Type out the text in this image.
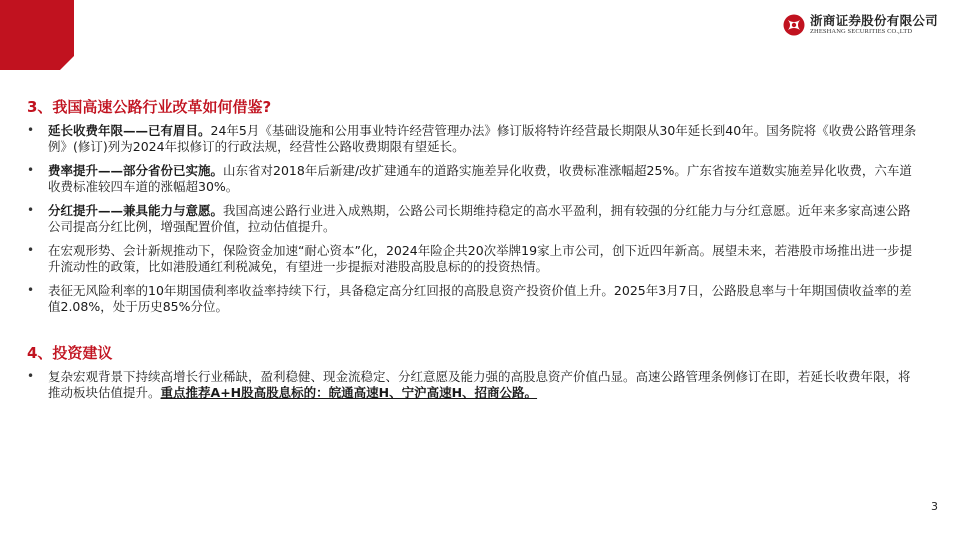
浙商证券股份有限公司
ZHESHANG SECURITIES CO.,LTD
3、我国高速公路行业改革如何借鉴?
• 延长收费年限——已有眉目。24年5月《基础设施和公用事业特许经营管理办法》修订版将特许经营最长期限从30年延长到40年。国务院将《收费公路管理条例》(修订)列为2024年拟修订的行政法规，经营性公路收费期限有望延长。
• 费率提升——部分省份已实施。山东省对2018年后新建/改扩建通车的道路实施差异化收费，收费标准涨幅超25%。广东省按车道数实施差异化收费，六车道收费标准较四车道的涨幅超30%。
• 分红提升——兼具能力与意愿。我国高速公路行业进入成熟期，公路公司长期维持稳定的高水平盈利，拥有较强的分红能力与分红意愿。近年来多家高速公路公司提高分红比例，增强配置价值，拉动估值提升。
• 在宏观形势、会计新规推动下，保险资金加速“耐心资本”化，2024年险企共20次举牌19家上市公司，创下近四年新高。展望未来，若港股市场推出进一步提升流动性的政策，比如港股通红利税减免，有望进一步提振对港股高股息标的的投资热情。
• 表征无风险利率的10年期国债利率收益率持续下行，具备稳定高分红回报的高股息资产投资价值上升。2025年3月7日，公路股息率与十年期国债收益率的差值2.08%，处于历史85%分位。
4、投资建议
• 复杂宏观背景下持续高增长行业稀缺，盈利稳健、现金流稳定、分红意愿及能力强的高股息资产价值凸显。高速公路管理条例修订在即，若延长收费年限，将推动板块估值提升。重点推荐A+H股高股息标的：皖通高速H、宁沪高速H、招商公路。
3
